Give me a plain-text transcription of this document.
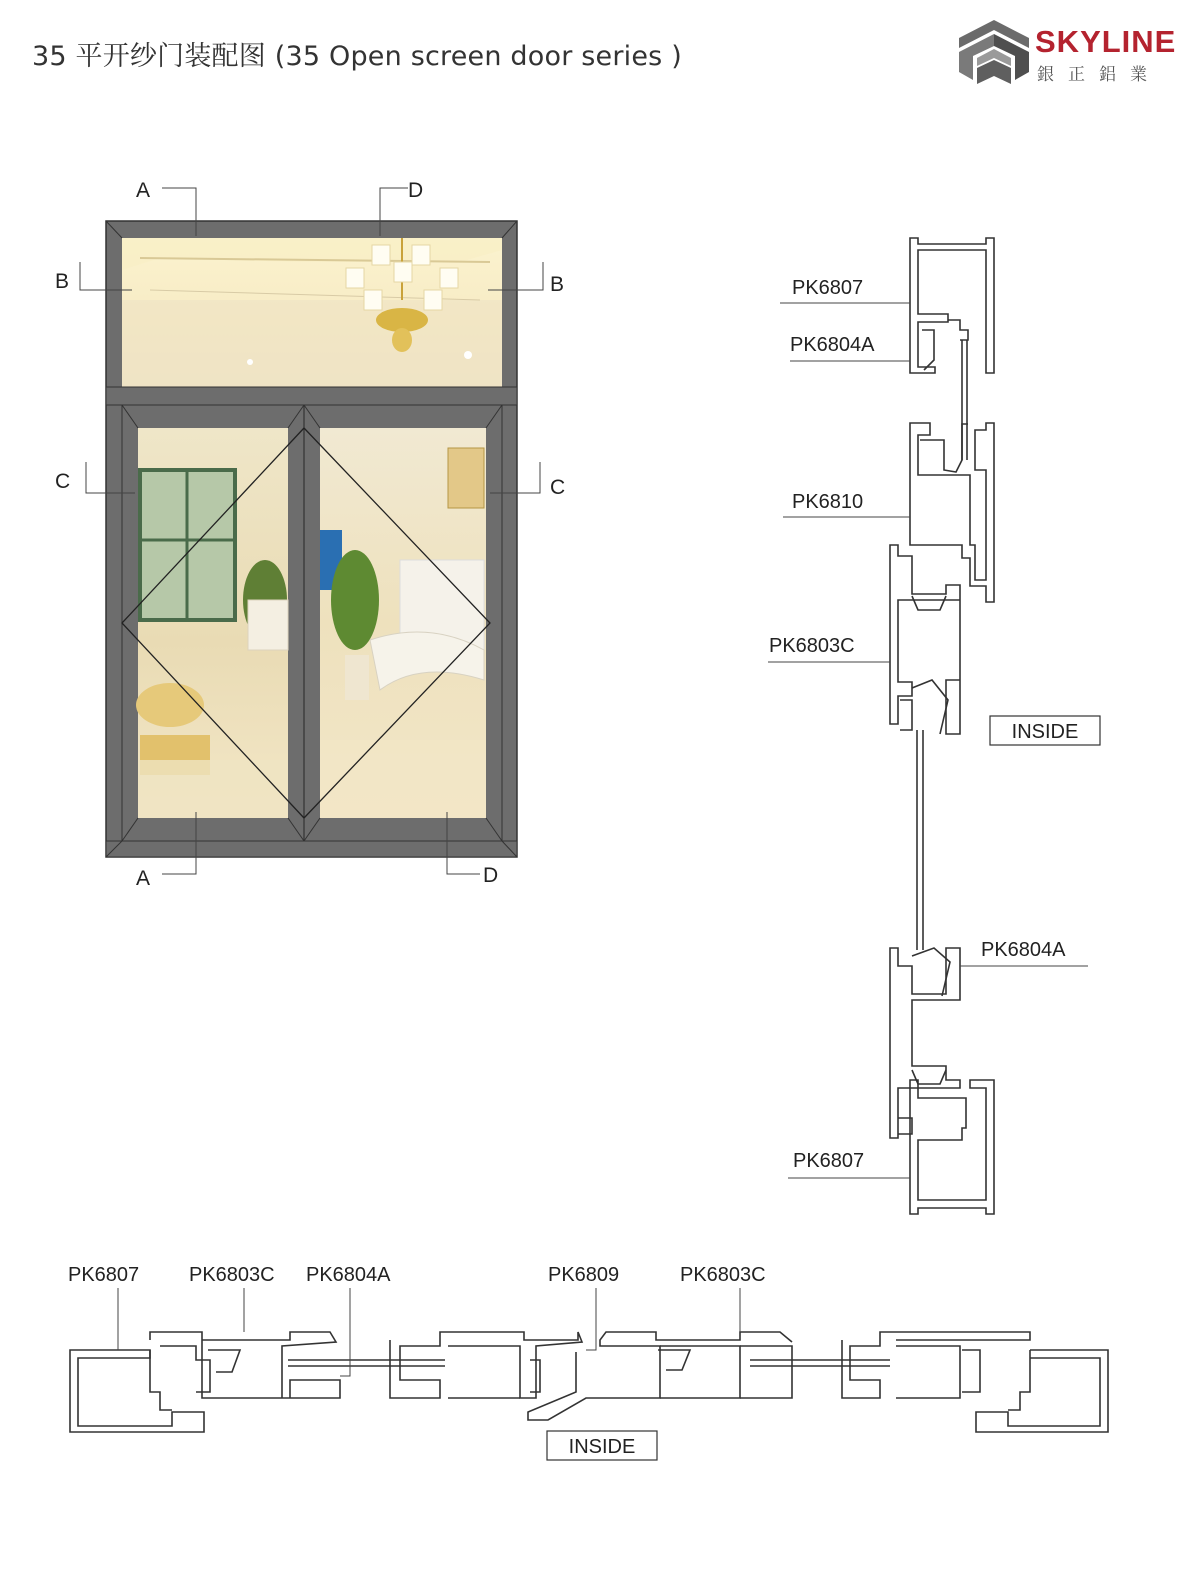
35 平开纱门装配图 (35 Open screen door series )	SKYLINE
銀正鋁業
A	D
B	B
C	C
A	D
PK6807
PK6804A
PK6810
PK6803C
PK6804A
PK6807
INSIDE
PK6807 PK6803C PK6804A	PK6809	PK6803C
INSIDE
